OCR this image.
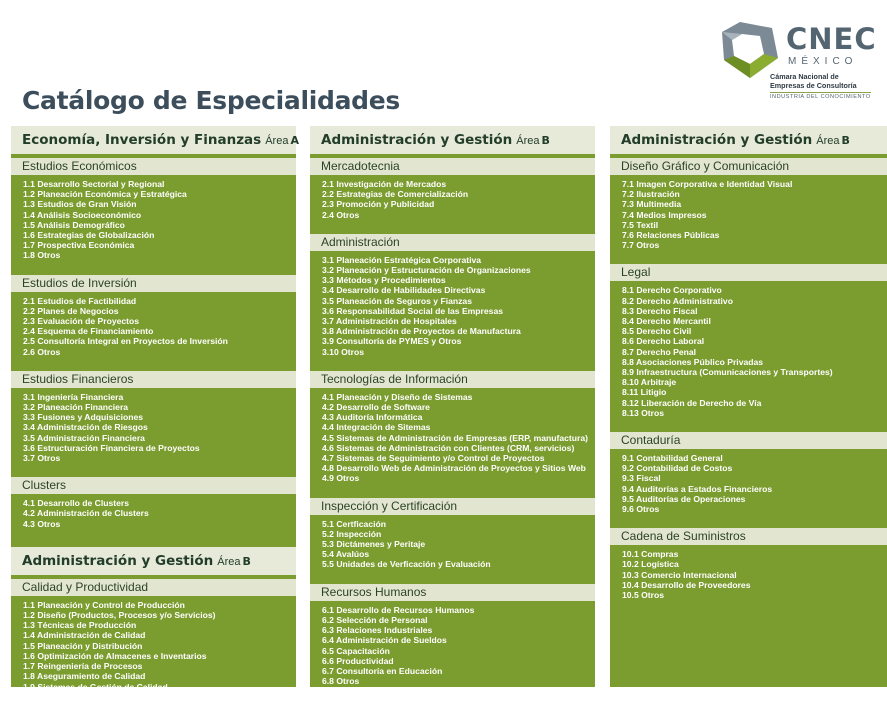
Catálogo de Especialidades
CNEC
MÉXICO
Cámara Nacional de
Empresas de Consultoría
INDUSTRIA DEL CONOCIMIENTO
Economía, Inversión y Finanzas Área A
Estudios Económicos
1.1 Desarrollo Sectorial y Regional
1.2 Planeación Económica y Estratégica
1.3 Estudios de Gran Visión
1.4 Análisis Socioeconómico
1.5 Análisis Demográfico
1.6 Estrategias de Globalización
1.7 Prospectiva Económica
1.8 Otros
Estudios de Inversión
2.1 Estudios de Factibilidad
2.2 Planes de Negocios
2.3 Evaluación de Proyectos
2.4 Esquema de Financiamiento
2.5 Consultoría Integral en Proyectos de Inversión
2.6 Otros
Estudios Financieros
3.1 Ingeniería Financiera
3.2 Planeación Financiera
3.3 Fusiones y Adquisiciones
3.4 Administración de Riesgos
3.5 Administración Financiera
3.6 Estructuración Financiera de Proyectos
3.7 Otros
Clusters
4.1 Desarrollo de Clusters
4.2 Administración de Clusters
4.3 Otros
Administración y Gestión Área B
Calidad y Productividad
1.1 Planeación y Control de Producción
1.2 Diseño (Productos, Procesos y/o Servicios)
1.3 Técnicas de Producción
1.4 Administración de Calidad
1.5 Planeación y Distribución
1.6 Optimización de Almacenes e Inventarios
1.7 Reingeniería de Procesos
1.8 Aseguramiento de Calidad
1.9 Sistemas de Gestión de Calidad
1.10 Otros
Administración y Gestión Área B
Mercadotecnia
2.1 Investigación de Mercados
2.2 Estrategias de Comercialización
2.3 Promoción y Publicidad
2.4 Otros
Administración
3.1 Planeación Estratégica Corporativa
3.2 Planeación y Estructuración de Organizaciones
3.3 Métodos y Procedimientos
3.4 Desarrollo de Habilidades Directivas
3.5 Planeación de Seguros y Fianzas
3.6 Responsabilidad Social de las Empresas
3.7 Administración de Hospitales
3.8 Administración de Proyectos de Manufactura
3.9 Consultoría de PYMES y Otros
3.10 Otros
Tecnologías de Información
4.1 Planeación y Diseño de Sistemas
4.2 Desarrollo de Software
4.3 Auditoría Informática
4.4 Integración de Sitemas
4.5 Sistemas de Administración de Empresas (ERP, manufactura)
4.6 Sistemas de Administración con Clientes (CRM, servicios)
4.7 Sistemas de Seguimiento y/o Control de Proyectos
4.8 Desarrollo Web de Administración de Proyectos y Sitios Web
4.9 Otros
Inspección y Certificación
5.1 Certficación
5.2 Inspección
5.3 Dictámenes y Peritaje
5.4 Avalúos
5.5 Unidades de Verficación y Evaluación
Recursos Humanos
6.1 Desarrollo de Recursos Humanos
6.2 Selección de Personal
6.3 Relaciones Industriales
6.4 Administración de Sueldos
6.5 Capacitación
6.6 Productividad
6.7 Consultoría en Educación
6.8 Otros
Administración y Gestión Área B
Diseño Gráfico y Comunicación
7.1 Imagen Corporativa e Identidad Visual
7.2 Ilustración
7.3 Multimedia
7.4 Medios Impresos
7.5 Textil
7.6 Relaciones Públicas
7.7 Otros
Legal
8.1 Derecho Corporativo
8.2 Derecho Administrativo
8.3 Derecho Fiscal
8.4 Derecho Mercantil
8.5 Derecho Civil
8.6 Derecho Laboral
8.7 Derecho Penal
8.8 Asociaciones Público Privadas
8.9 Infraestructura (Comunicaciones y Transportes)
8.10 Arbitraje
8.11 Litigio
8.12 Liberación de Derecho de Vía
8.13 Otros
Contaduría
9.1 Contabilidad General
9.2 Contabilidad de Costos
9.3 Fiscal
9.4 Auditorías a Estados Financieros
9.5 Auditorías de Operaciones
9.6 Otros
Cadena de Suministros
10.1 Compras
10.2 Logística
10.3 Comercio Internacional
10.4 Desarrollo de Proveedores
10.5 Otros
